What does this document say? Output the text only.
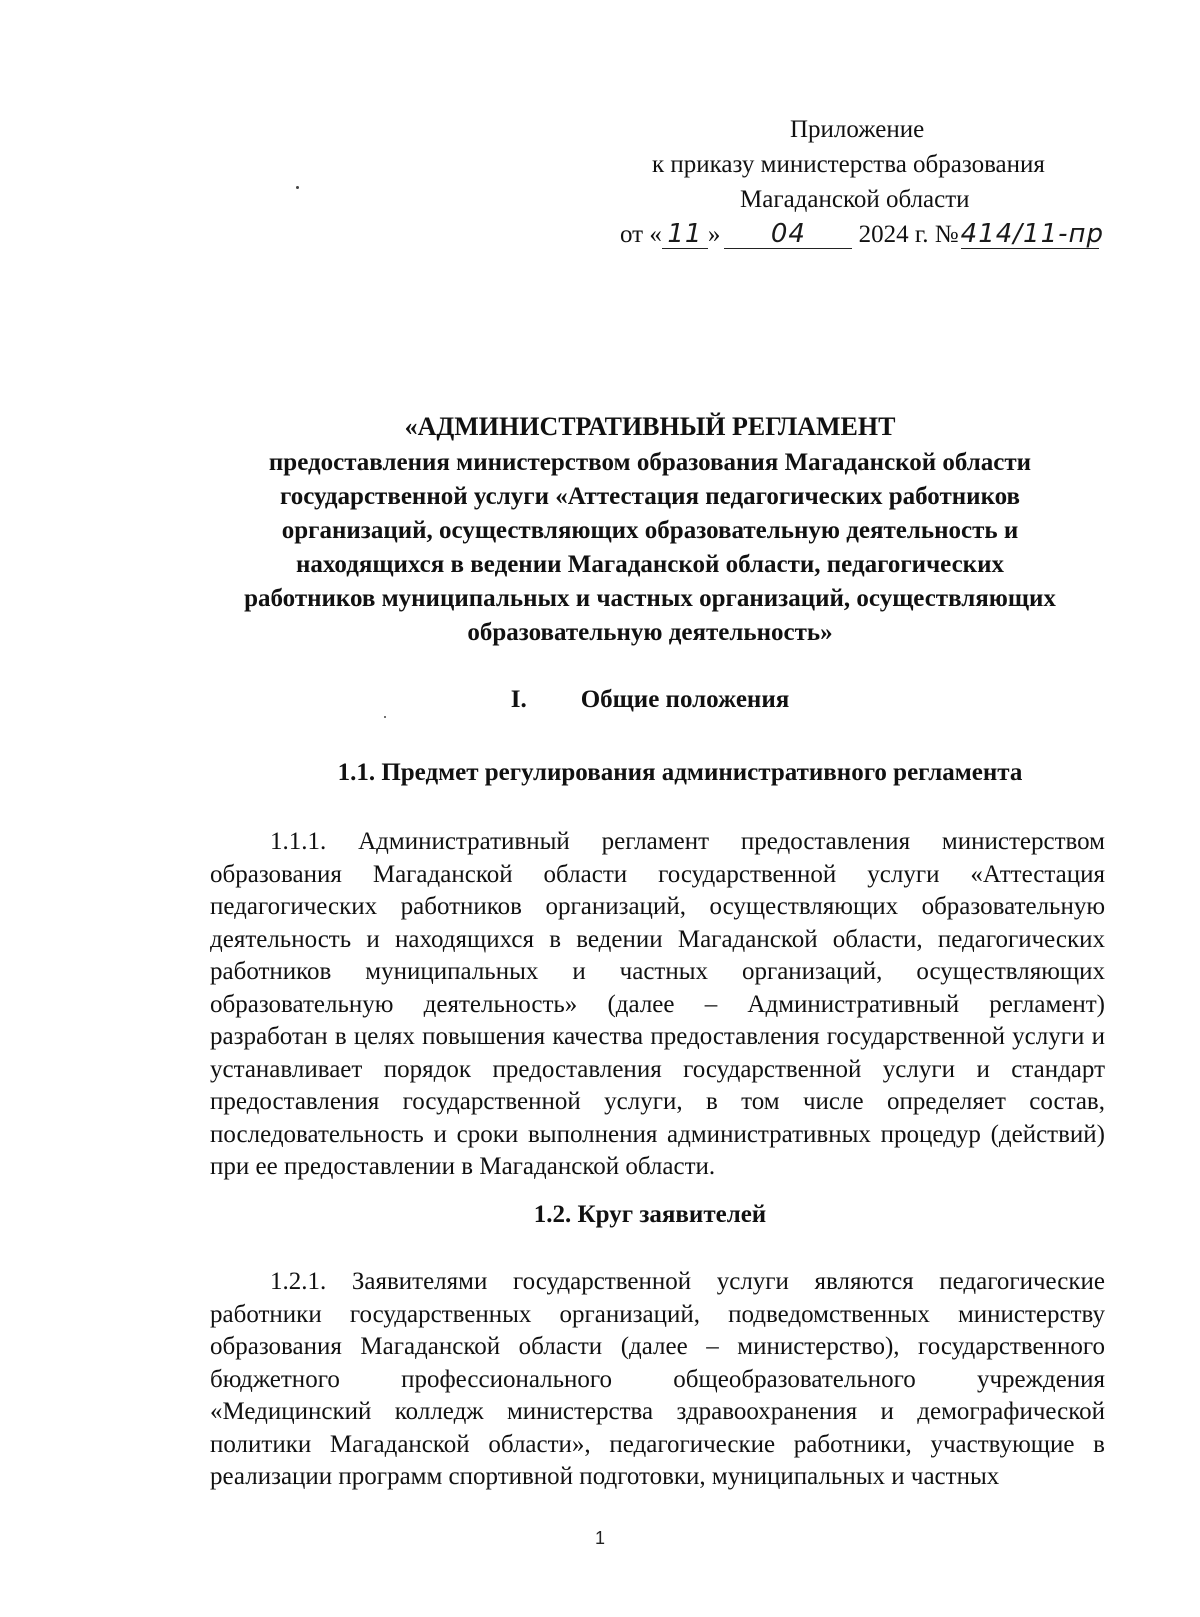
Приложение
к приказу министерства образования
Магаданской области
от « 11 » 04 2024 г. №414/11-пр
«АДМИНИСТРАТИВНЫЙ РЕГЛАМЕНТ
предоставления министерством образования Магаданской области
государственной услуги «Аттестация педагогических работников
организаций, осуществляющих образовательную деятельность и
находящихся в ведении Магаданской области, педагогических
работников муниципальных и частных организаций, осуществляющих
образовательную деятельность»
I. Общие положения
1.1. Предмет регулирования административного регламента
1.1.1. Административный регламент предоставления министерством образования Магаданской области государственной услуги «Аттестация педагогических работников организаций, осуществляющих образовательную деятельность и находящихся в ведении Магаданской области, педагогических работников муниципальных и частных организаций, осуществляющих образовательную деятельность» (далее – Административный регламент) разработан в целях повышения качества предоставления государственной услуги и устанавливает порядок предоставления государственной услуги и стандарт предоставления государственной услуги, в том числе определяет состав, последовательность и сроки выполнения административных процедур (действий) при ее предоставлении в Магаданской области.
1.2. Круг заявителей
1.2.1. Заявителями государственной услуги являются педагогические работники государственных организаций, подведомственных министерству образования Магаданской области (далее – министерство), государственного бюджетного профессионального общеобразовательного учреждения «Медицинский колледж министерства здравоохранения и демографической политики Магаданской области», педагогические работники, участвующие в реализации программ спортивной подготовки, муниципальных и частных
1
